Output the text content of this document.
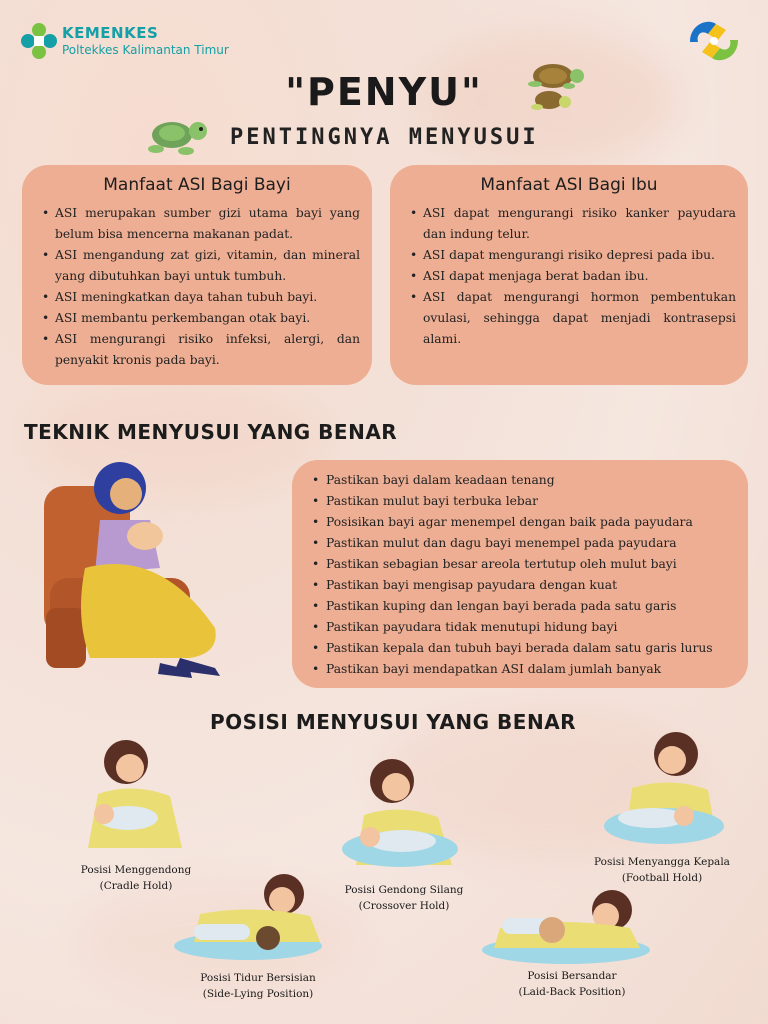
KEMENKES
Poltekkes Kalimantan Timur
"PENYU"
PENTINGNYA MENYUSUI
Manfaat ASI Bagi Bayi
• ASI merupakan sumber gizi utama bayi yang belum bisa mencerna makanan padat.
• ASI mengandung zat gizi, vitamin, dan mineral yang dibutuhkan bayi untuk tumbuh.
• ASI meningkatkan daya tahan tubuh bayi.
• ASI membantu perkembangan otak bayi.
• ASI mengurangi risiko infeksi, alergi, dan penyakit kronis pada bayi.
Manfaat ASI Bagi Ibu
• ASI dapat mengurangi risiko kanker payudara dan indung telur.
• ASI dapat mengurangi risiko depresi pada ibu.
• ASI dapat menjaga berat badan ibu.
• ASI dapat mengurangi hormon pembentukan ovulasi, sehingga dapat menjadi kontrasepsi alami.
TEKNIK MENYUSUI YANG BENAR
• Pastikan bayi dalam keadaan tenang
• Pastikan mulut bayi terbuka lebar
• Posisikan bayi agar menempel dengan baik pada payudara
• Pastikan mulut dan dagu bayi menempel pada payudara
• Pastikan sebagian besar areola tertutup oleh mulut bayi
• Pastikan bayi mengisap payudara dengan kuat
• Pastikan kuping dan lengan bayi berada pada satu garis
• Pastikan payudara tidak menutupi hidung bayi
• Pastikan kepala dan tubuh bayi berada dalam satu garis lurus
• Pastikan bayi mendapatkan ASI dalam jumlah banyak
POSISI MENYUSUI YANG BENAR
Posisi Menggendong
(Cradle Hold)	Posisi Gendong Silang
(Crossover Hold)
Posisi Menyangga Kepala
(Football Hold)
Posisi Tidur Bersisian
(Side-Lying Position)
Posisi Bersandar
(Laid-Back Position)
